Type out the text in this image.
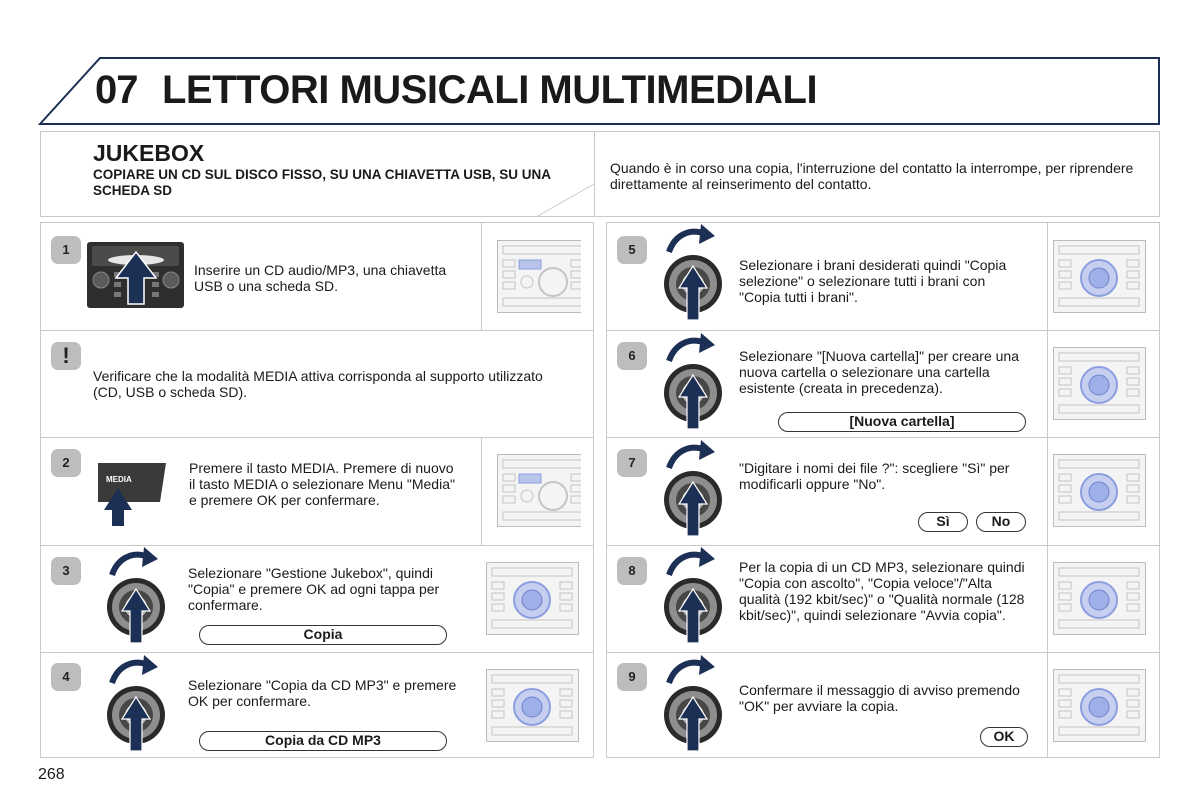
07 LETTORI MUSICALI MULTIMEDIALI
JUKEBOX
COPIARE UN CD SUL DISCO FISSO, SU UNA CHIAVETTA USB, SU UNA SCHEDA SD
Quando è in corso una copia, l'interruzione del contatto la interrompe, per riprendere direttamente al reinserimento del contatto.
1
!
2
3
4
5
6
7
8
9
Inserire un CD audio/MP3, una chiavetta USB o una scheda SD.
Verificare che la modalità MEDIA attiva corrisponda al supporto utilizzato (CD, USB o scheda SD).
Premere il tasto MEDIA. Premere di nuovo il tasto MEDIA o selezionare Menu "Media" e premere OK per confermare.
Selezionare "Gestione Jukebox", quindi "Copia" e premere OK ad ogni tappa per confermare.
Selezionare "Copia da CD MP3" e premere OK per confermare.
Selezionare i brani desiderati quindi "Copia selezione" o selezionare tutti i brani con "Copia tutti i brani".
Selezionare "[Nuova cartella]" per creare una nuova cartella o selezionare una cartella esistente (creata in precedenza).
"Digitare i nomi dei file ?": scegliere "Sì" per modificarli oppure "No".
Per la copia di un CD MP3, selezionare quindi "Copia con ascolto", "Copia veloce"/"Alta qualità (192 kbit/sec)" o "Qualità normale (128 kbit/sec)", quindi selezionare "Avvia copia".
Confermare il messaggio di avviso premendo "OK" per avviare la copia.
Copia
Copia da CD MP3
[Nuova cartella]
Sì	No
OK
MEDIA
268
